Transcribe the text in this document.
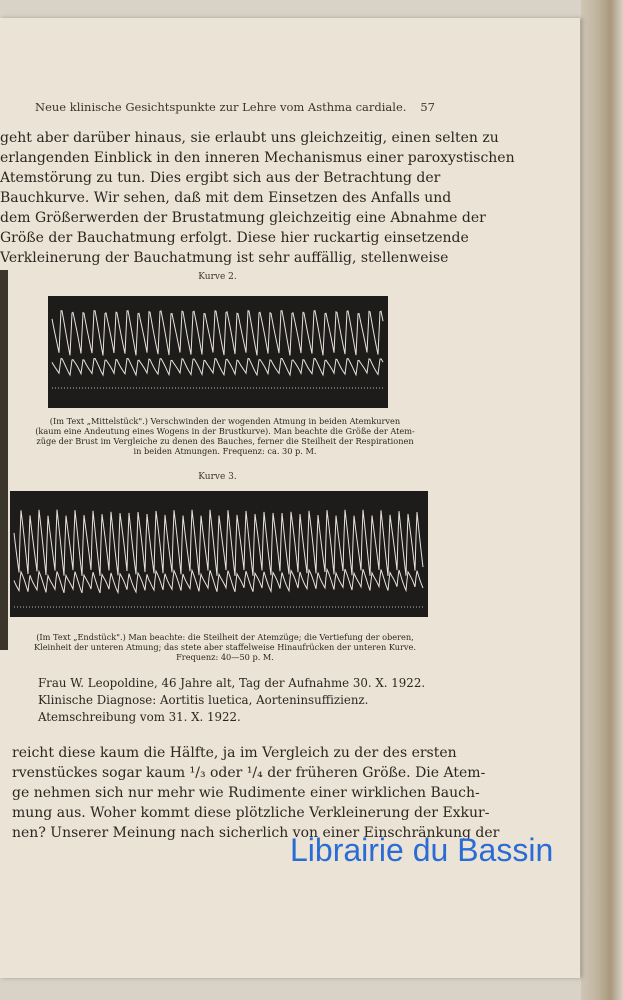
Neue klinische Gesichtspunkte zur Lehre vom Asthma cardiale. 57
geht aber darüber hinaus, sie erlaubt uns gleichzeitig, einen selten zu
erlangenden Einblick in den inneren Mechanismus einer paroxystischen
Atemstörung zu tun. Dies ergibt sich aus der Betrachtung der
Bauchkurve. Wir sehen, daß mit dem Einsetzen des Anfalls und
dem Größerwerden der Brustatmung gleichzeitig eine Abnahme der
Größe der Bauchatmung erfolgt. Diese hier ruckartig einsetzende
Verkleinerung der Bauchatmung ist sehr auffällig, stellenweise
Kurve 2.
(Im Text „Mittelstück".) Verschwinden der wogenden Atmung in beiden Atemkurven
(kaum eine Andeutung eines Wogens in der Brustkurve). Man beachte die Größe der Atem-
züge der Brust im Vergleiche zu denen des Bauches, ferner die Steilheit der Respirationen
in beiden Atmungen. Frequenz: ca. 30 p. M.
Kurve 3.
(Im Text „Endstück".) Man beachte: die Steilheit der Atemzüge; die Vertiefung der oberen,
Kleinheit der unteren Atmung; das stete aber staffelweise Hinaufrücken der unteren Kurve.
Frequenz: 40—50 p. M.
Frau W. Leopoldine, 46 Jahre alt, Tag der Aufnahme 30. X. 1922.
Klinische Diagnose: Aortitis luetica, Aorteninsuffizienz.
Atemschreibung vom 31. X. 1922.
reicht diese kaum die Hälfte, ja im Vergleich zu der des ersten
rvenstückes sogar kaum ¹/₃ oder ¹/₄ der früheren Größe. Die Atem-
ge nehmen sich nur mehr wie Rudimente einer wirklichen Bauch-
mung aus. Woher kommt diese plötzliche Verkleinerung der Exkur-
nen? Unserer Meinung nach sicherlich von einer Einschränkung der
Librairie du Bassin
